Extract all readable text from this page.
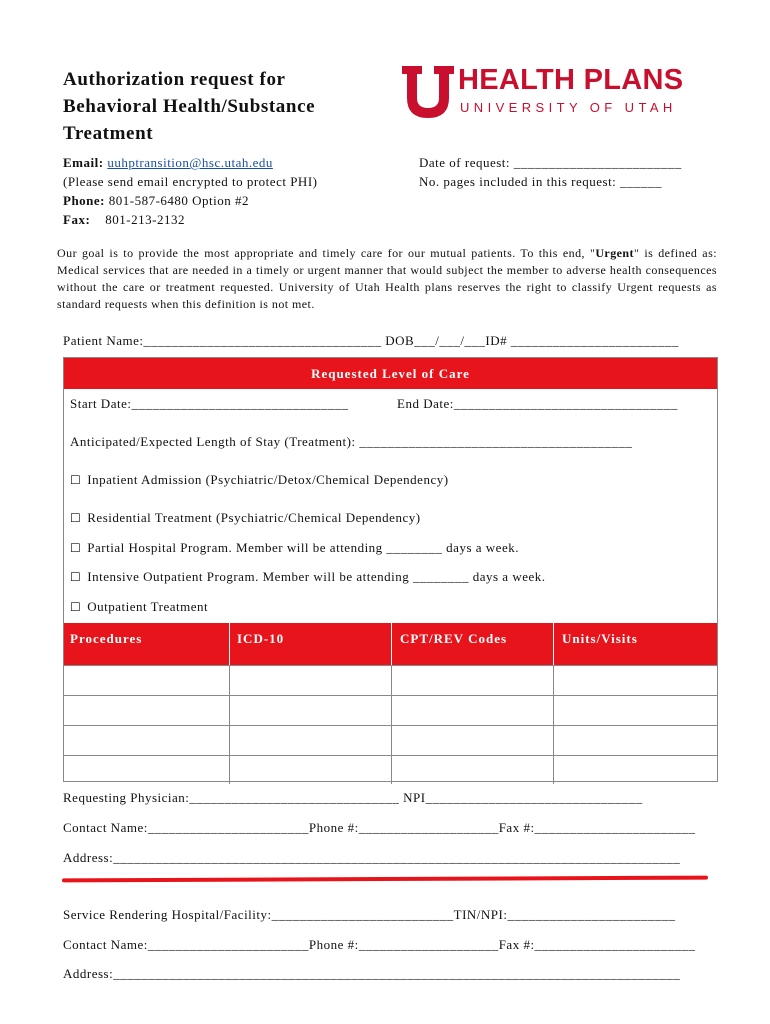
Authorization request for
Behavioral Health/Substance
Treatment
HEALTH PLANS
UNIVERSITY OF UTAH
Email: uuhptransition@hsc.utah.edu
(Please send email encrypted to protect PHI)
Phone: 801-587-6480 Option #2
Fax: 801-213-2132
Date of request: ________________________
No. pages included in this request: ______
Our goal is to provide the most appropriate and timely care for our mutual patients. To this end, "Urgent" is defined as: Medical services that are needed in a timely or urgent manner that would subject the member to adverse health consequences without the care or treatment requested. University of Utah Health plans reserves the right to classify Urgent requests as standard requests when this definition is not met.
Patient Name:__________________________________ DOB___/___/___ID# ________________________
Requested Level of Care
Start Date:_______________________________	End Date:________________________________
Anticipated/Expected Length of Stay (Treatment): _______________________________________
☐ Inpatient Admission (Psychiatric/Detox/Chemical Dependency)
☐ Residential Treatment (Psychiatric/Chemical Dependency)
☐ Partial Hospital Program. Member will be attending ________ days a week.
☐ Intensive Outpatient Program. Member will be attending ________ days a week.
☐ Outpatient Treatment
Procedures	ICD-10	CPT/REV Codes	Units/Visits
Requesting Physician:______________________________ NPI_______________________________
Contact Name:_______________________Phone #:____________________Fax #:_______________________
Address:_________________________________________________________________________________
Service Rendering Hospital/Facility:__________________________TIN/NPI:________________________
Contact Name:_______________________Phone #:____________________Fax #:_______________________
Address:_________________________________________________________________________________
